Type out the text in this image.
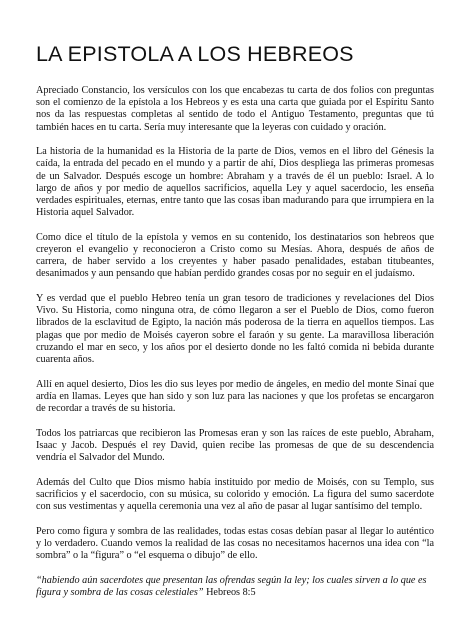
LA EPISTOLA A LOS HEBREOS

Apreciado Constancio, los versículos con los que encabezas tu carta de dos folios con preguntas son el comienzo de la epístola a los Hebreos y es esta una carta que guiada por el Espíritu Santo nos da las respuestas completas al sentido de todo el Antiguo Testamento, preguntas que tú también haces en tu carta. Sería muy interesante que la leyeras con cuidado y oración.

La historia de la humanidad es la Historia de la parte de Dios, vemos en el libro del Génesis la caída, la entrada del pecado en el mundo y a partir de ahí, Dios despliega las primeras promesas de un Salvador. Después escoge un hombre: Abraham y a través de él un pueblo: Israel. A lo largo de años y por medio de aquellos sacrificios, aquella Ley y aquel sacerdocio, les enseña verdades espirituales, eternas, entre tanto que las cosas iban madurando para que irrumpiera en la Historia aquel Salvador.

Como dice el título de la epístola y vemos en su contenido, los destinatarios son hebreos que creyeron el evangelio y reconocieron a Cristo como su Mesías. Ahora, después de años de carrera, de haber servido a los creyentes y haber pasado penalidades, estaban titubeantes, desanimados y aun pensando que habían perdido grandes cosas por no seguir en el judaísmo.

Y es verdad que el pueblo Hebreo tenía un gran tesoro de tradiciones y revelaciones del Dios Vivo. Su Historia, como ninguna otra, de cómo llegaron a ser el Pueblo de Dios, como fueron librados de la esclavitud de Egipto, la nación más poderosa de la tierra en aquellos tiempos. Las plagas que por medio de Moisés cayeron sobre el faraón y su gente. La maravillosa liberación cruzando el mar en seco, y los años por el desierto donde no les faltó comida ni bebida durante cuarenta años.

Allí en aquel desierto, Dios les dio sus leyes por medio de ángeles, en medio del monte Sinaí que ardía en llamas. Leyes que han sido y son luz para las naciones y que los profetas se encargaron de recordar a través de su historia.

Todos los patriarcas que recibieron las Promesas eran y son las raíces de este pueblo, Abraham, Isaac y Jacob. Después el rey David, quien recibe las promesas de que de su descendencia vendría el Salvador del Mundo.

Además del Culto que Dios mismo había instituido por medio de Moisés, con su Templo, sus sacrificios y el sacerdocio, con su música, su colorido y emoción. La figura del sumo sacerdote con sus vestimentas y aquella ceremonia una vez al año de pasar al lugar santísimo del templo.

Pero como figura y sombra de las realidades, todas estas cosas debían pasar al llegar lo auténtico y lo verdadero. Cuando vemos la realidad de las cosas no necesitamos hacernos una idea con “la sombra” o la “figura” o “el esquema o dibujo” de ello.

“habiendo aún sacerdotes que presentan las ofrendas según la ley; los cuales sirven a lo que es figura y sombra de las cosas celestiales” Hebreos 8:5
